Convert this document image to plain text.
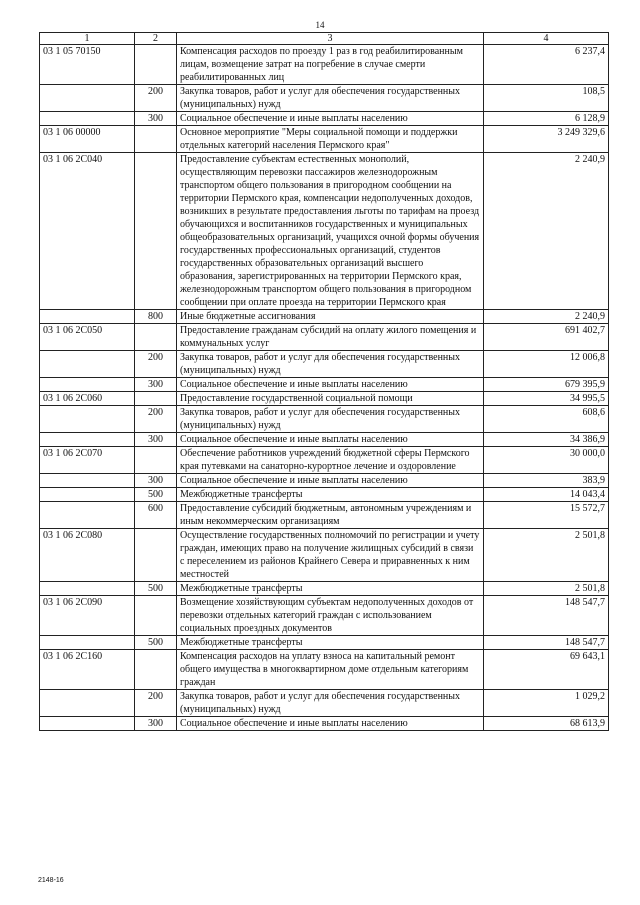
14
1	2	3	4
03 1 05 70150		Компенсация расходов по проезду 1 раз в год реабилитированным лицам, возмещение затрат на погребение в случае смерти реабилитированных лиц	6 237,4
	200	Закупка товаров, работ и услуг для обеспечения государственных (муниципальных) нужд	108,5
	300	Социальное обеспечение и иные выплаты населению	6 128,9
03 1 06 00000		Основное мероприятие "Меры социальной помощи и поддержки отдельных категорий населения Пермского края"	3 249 329,6
03 1 06 2С040		Предоставление субъектам естественных монополий, осуществляющим перевозки пассажиров железнодорожным транспортом общего пользования в пригородном сообщении на территории Пермского края, компенсации недополученных доходов, возникших в результате предоставления льготы по тарифам на проезд обучающихся и воспитанников государственных и муниципальных общеобразовательных организаций, учащихся очной формы обучения государственных профессиональных организаций, студентов государственных образовательных организаций высшего образования, зарегистрированных на территории Пермского края, железнодорожным транспортом общего пользования в пригородном сообщении при оплате проезда на территории Пермского края	2 240,9
	800	Иные бюджетные ассигнования	2 240,9
03 1 06 2С050		Предоставление гражданам субсидий на оплату жилого помещения и коммунальных услуг	691 402,7
	200	Закупка товаров, работ и услуг для обеспечения государственных (муниципальных) нужд	12 006,8
	300	Социальное обеспечение и иные выплаты населению	679 395,9
03 1 06 2С060		Предоставление государственной социальной помощи	34 995,5
	200	Закупка товаров, работ и услуг для обеспечения государственных (муниципальных) нужд	608,6
	300	Социальное обеспечение и иные выплаты населению	34 386,9
03 1 06 2С070		Обеспечение работников учреждений бюджетной сферы Пермского края путевками на санаторно-курортное лечение и оздоровление	30 000,0
	300	Социальное обеспечение и иные выплаты населению	383,9
	500	Межбюджетные трансферты	14 043,4
	600	Предоставление субсидий бюджетным, автономным учреждениям и иным некоммерческим организациям	15 572,7
03 1 06 2С080		Осуществление государственных полномочий по регистрации и учету граждан, имеющих право на получение жилищных субсидий в связи с переселением из районов Крайнего Севера и приравненных к ним местностей	2 501,8
	500	Межбюджетные трансферты	2 501,8
03 1 06 2С090		Возмещение хозяйствующим субъектам недополученных доходов от перевозки отдельных категорий граждан с использованием социальных проездных документов	148 547,7
	500	Межбюджетные трансферты	148 547,7
03 1 06 2С160		Компенсация расходов на уплату взноса на капитальный ремонт общего имущества в многоквартирном доме отдельным категориям граждан	69 643,1
	200	Закупка товаров, работ и услуг для обеспечения государственных (муниципальных) нужд	1 029,2
	300	Социальное обеспечение и иные выплаты населению	68 613,9
2148-16
